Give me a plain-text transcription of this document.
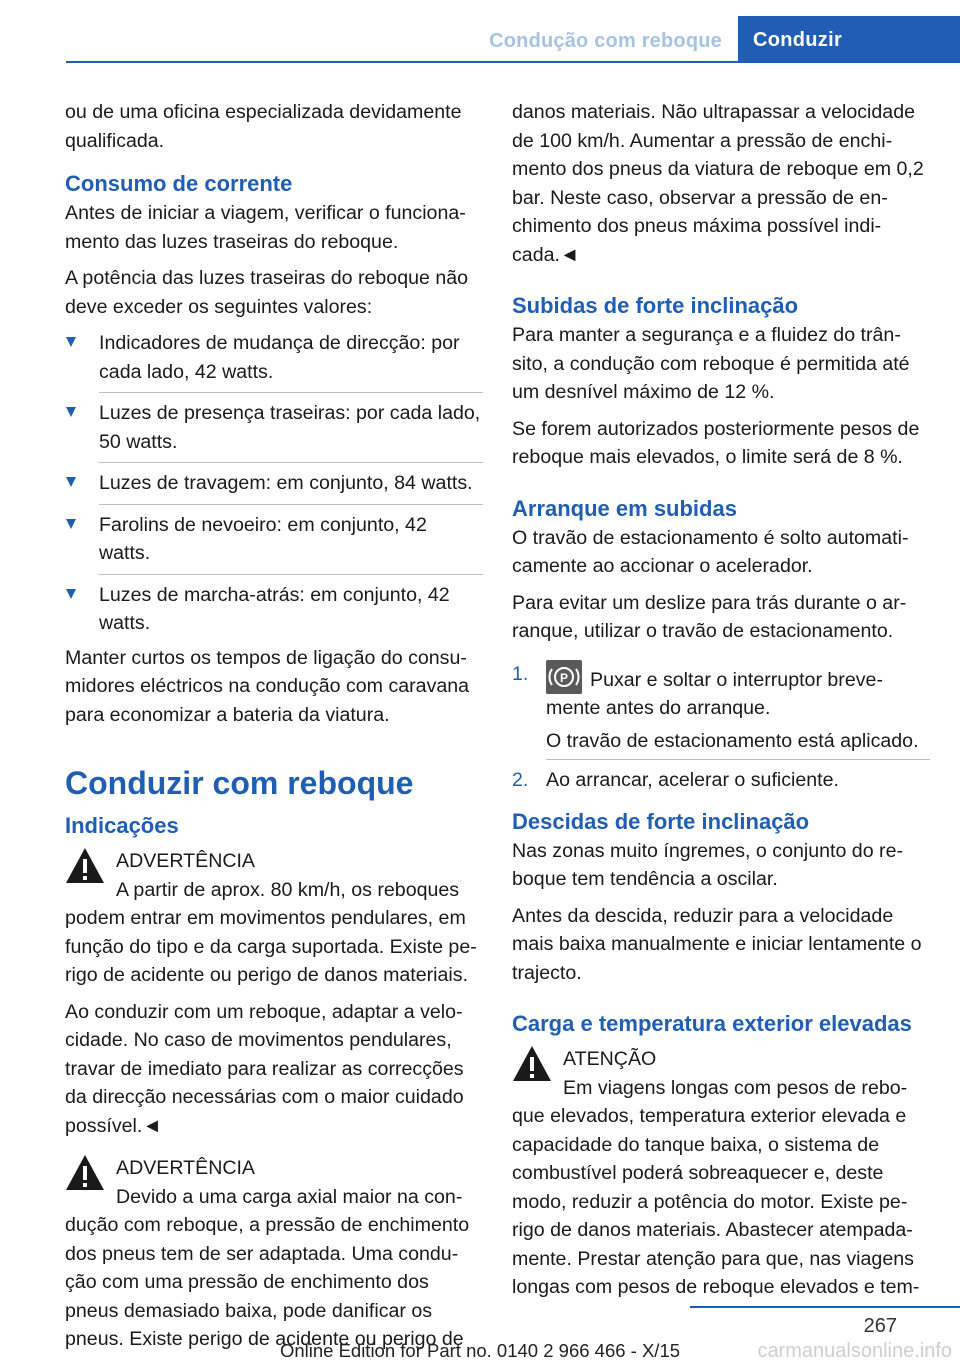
Condução com reboque	Conduzir

ou de uma oficina especializada devidamente qualificada.

Consumo de corrente

Antes de iniciar a viagem, verificar o funcionamento das luzes traseiras do reboque.

A potência das luzes traseiras do reboque não deve exceder os seguintes valores:

Indicadores de mudança de direcção: por cada lado, 42 watts.
Luzes de presença traseiras: por cada lado, 50 watts.
Luzes de travagem: em conjunto, 84 watts.
Farolins de nevoeiro: em conjunto, 42 watts.
Luzes de marcha-atrás: em conjunto, 42 watts.

Manter curtos os tempos de ligação do consumidores eléctricos na condução com caravana para economizar a bateria da viatura.

Conduzir com reboque
Indicações
ADVERTÊNCIA
A partir de aprox. 80 km/h, os reboques podem entrar em movimentos pendulares, em função do tipo e da carga suportada. Existe perigo de acidente ou perigo de danos materiais.

Ao conduzir com um reboque, adaptar a velocidade. No caso de movimentos pendulares, travar de imediato para realizar as correcções da direcção necessárias com o maior cuidado possível.◄

ADVERTÊNCIA
Devido a uma carga axial maior na condução com reboque, a pressão de enchimento dos pneus tem de ser adaptada. Uma condução com uma pressão de enchimento dos pneus demasiado baixa, pode danificar os pneus. Existe perigo de acidente ou perigo de

danos materiais. Não ultrapassar a velocidade de 100 km/h. Aumentar a pressão de enchimento dos pneus da viatura de reboque em 0,2 bar. Neste caso, observar a pressão de enchimento dos pneus máxima possível indicada.◄

Subidas de forte inclinação

Para manter a segurança e a fluidez do trânsito, a condução com reboque é permitida até um desnível máximo de 12 %.

Se forem autorizados posteriormente pesos de reboque mais elevados, o limite será de 8 %.

Arranque em subidas

O travão de estacionamento é solto automaticamente ao accionar o acelerador.

Para evitar um deslize para trás durante o arranque, utilizar o travão de estacionamento.

1.	P Puxar e soltar o interruptor brevemente antes do arranque.
O travão de estacionamento está aplicado.
2. Ao arrancar, acelerar o suficiente.
Descidas de forte inclinação

Nas zonas muito íngremes, o conjunto do reboque tem tendência a oscilar.

Antes da descida, reduzir para a velocidade mais baixa manualmente e iniciar lentamente o trajecto.

Carga e temperatura exterior elevadas
ATENÇÃO
Em viagens longas com pesos de reboque elevados, temperatura exterior elevada e capacidade do tanque baixa, o sistema de combustível poderá sobreaquecer e, deste modo, reduzir a potência do motor. Existe perigo de danos materiais. Abastecer atempadamente. Prestar atenção para que, nas viagens longas com pesos de reboque elevados e tem-
267
Online Edition for Part no. 0140 2 966 466 - X/15	carmanualsonline.info
